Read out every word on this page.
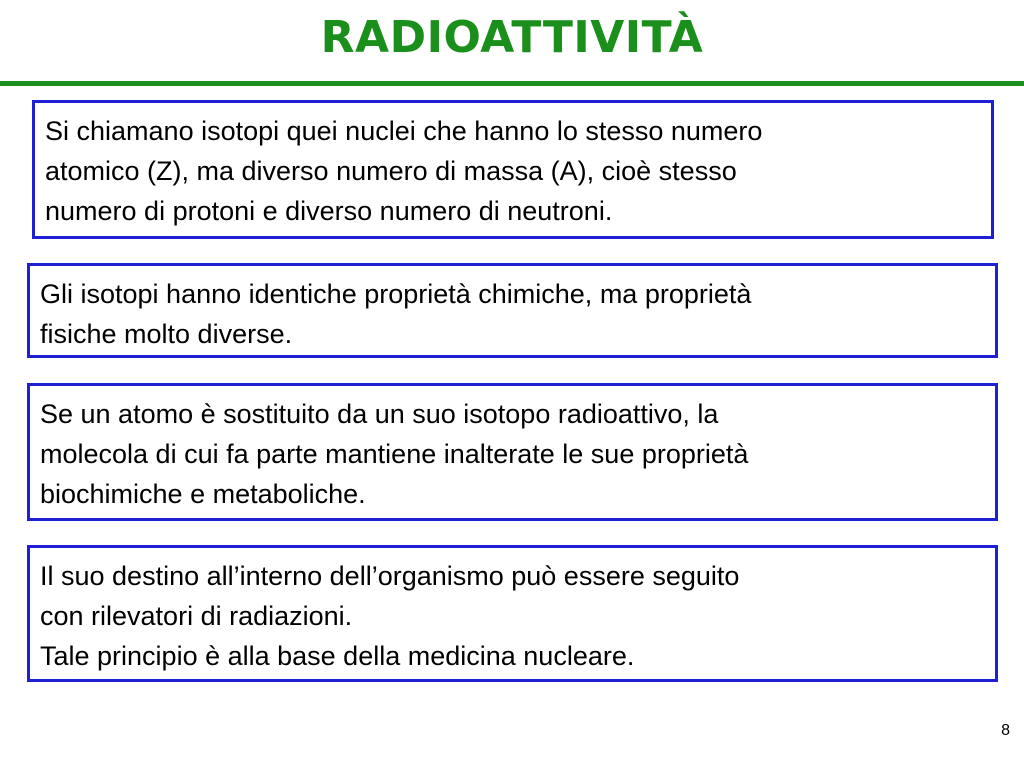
RADIOATTIVITÀ

Si chiamano isotopi quei nuclei che hanno lo stesso numero

atomico (Z), ma diverso numero di massa (A), cioè stesso

numero di protoni e diverso numero di neutroni.

Gli isotopi hanno identiche proprietà chimiche, ma proprietà

fisiche molto diverse.

Se un atomo è sostituito da un suo isotopo radioattivo, la

molecola di cui fa parte mantiene inalterate le sue proprietà

biochimiche e metaboliche.

Il suo destino all’interno dell’organismo può essere seguito

con rilevatori di radiazioni.

Tale principio è alla base della medicina nucleare.

8
